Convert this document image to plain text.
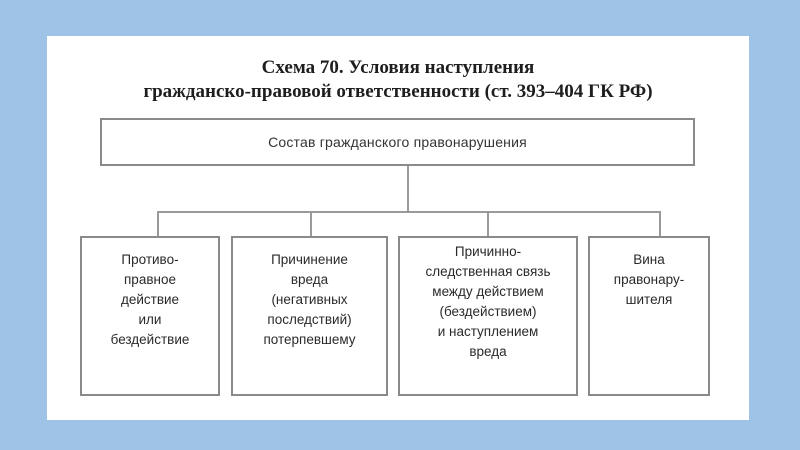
Схема 70. Условия наступления
гражданско-правовой ответственности (ст. 393–404 ГК РФ)
Состав гражданского правонарушения
Противо-
правное
действие
или
бездействие
Причинение
вреда
(негативных
последствий)
потерпевшему
Причинно-
следственная связь
между действием
(бездействием)
и наступлением
вреда
Вина
правонару-
шителя
